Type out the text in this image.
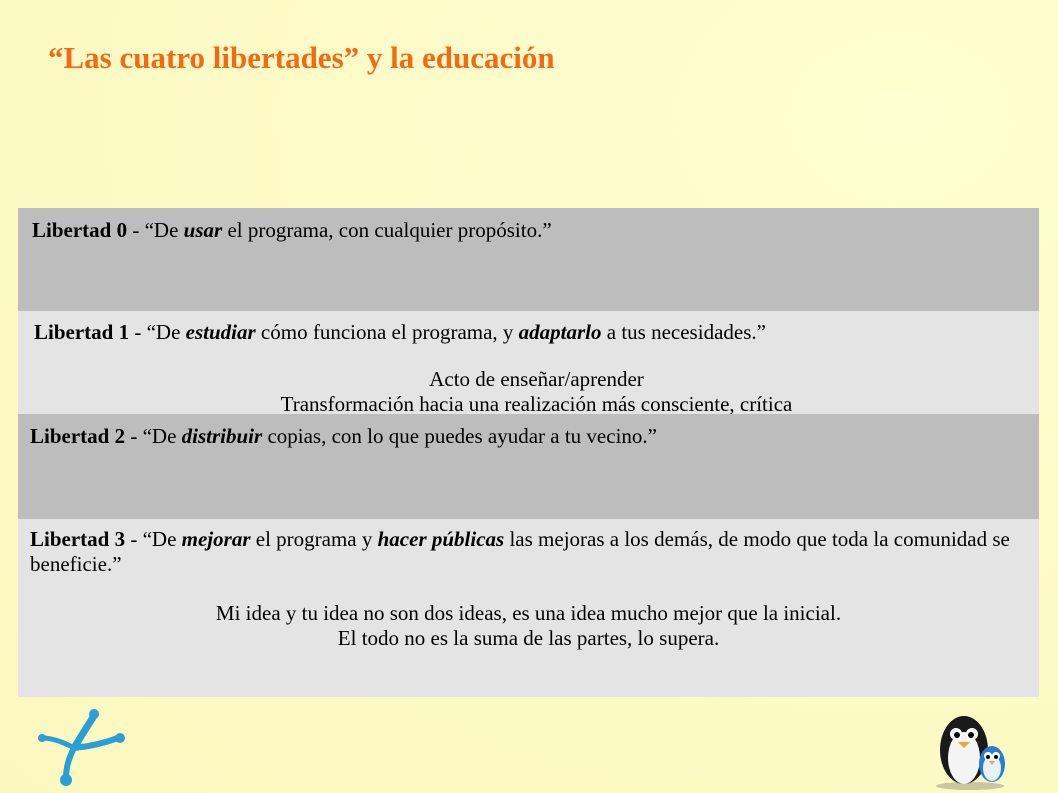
“Las cuatro libertades” y la educación
Libertad 0 - “De usar el programa, con cualquier propósito.”
Libertad 1 - “De estudiar cómo funciona el programa, y adaptarlo a tus necesidades.”
Acto de enseñar/aprender
Transformación hacia una realización más consciente, crítica
Libertad 2 - “De distribuir copias, con lo que puedes ayudar a tu vecino.”
Libertad 3 - “De mejorar el programa y hacer públicas las mejoras a los demás, de modo que toda la comunidad se beneficie.”
Mi idea y tu idea no son dos ideas, es una idea mucho mejor que la inicial.
El todo no es la suma de las partes, lo supera.
